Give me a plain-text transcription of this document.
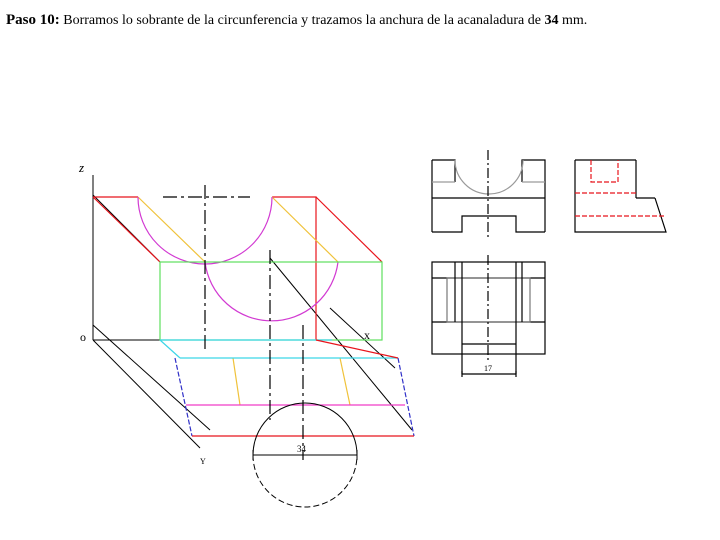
Paso 10: Borramos lo sobrante de la circunferencia y trazamos la anchura de la acanaladura de 34 mm.
z
o	x
Y
34
17
